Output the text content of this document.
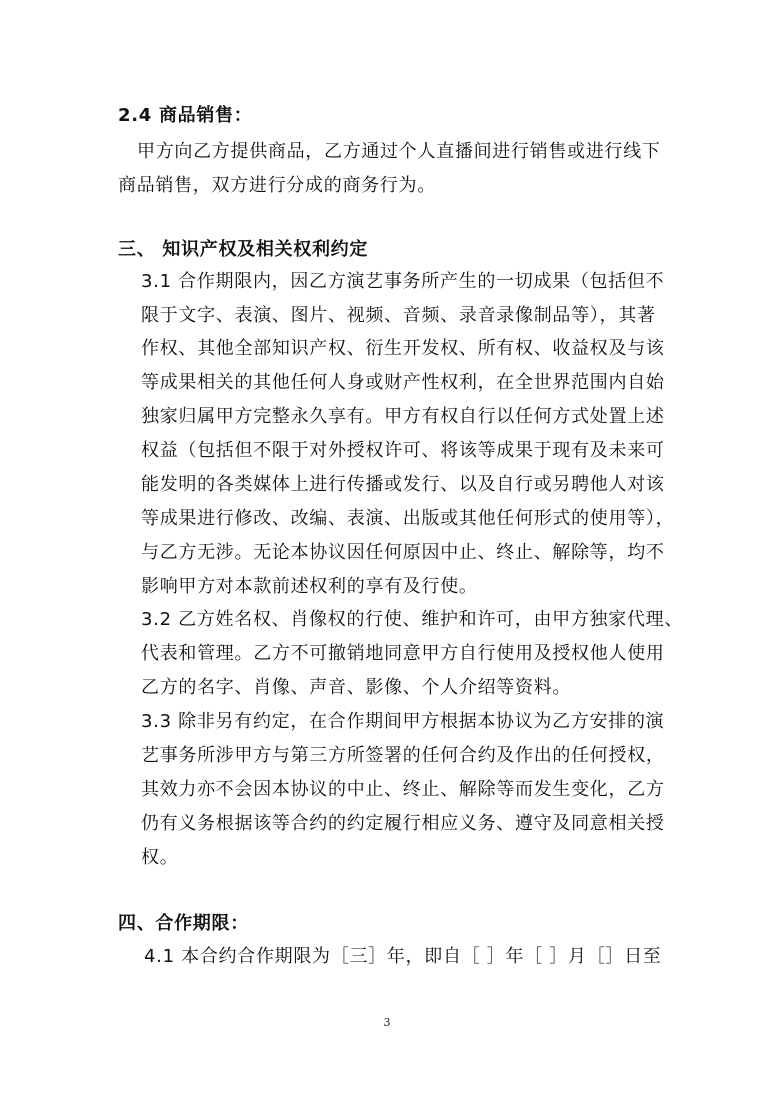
2.4 商品销售：
甲方向乙方提供商品，乙方通过个人直播间进行销售或进行线下
商品销售，双方进行分成的商务行为。
三、 知识产权及相关权利约定
3.1 合作期限内，因乙方演艺事务所产生的一切成果（包括但不
限于文字、表演、图片、视频、音频、录音录像制品等），其著
作权、其他全部知识产权、衍生开发权、所有权、收益权及与该
等成果相关的其他任何人身或财产性权利，在全世界范围内自始
独家归属甲方完整永久享有。甲方有权自行以任何方式处置上述
权益（包括但不限于对外授权许可、将该等成果于现有及未来可
能发明的各类媒体上进行传播或发行、以及自行或另聘他人对该
等成果进行修改、改编、表演、出版或其他任何形式的使用等），
与乙方无涉。无论本协议因任何原因中止、终止、解除等，均不
影响甲方对本款前述权利的享有及行使。
3.2 乙方姓名权、肖像权的行使、维护和许可，由甲方独家代理、
代表和管理。乙方不可撤销地同意甲方自行使用及授权他人使用
乙方的名字、肖像、声音、影像、个人介绍等资料。
3.3 除非另有约定，在合作期间甲方根据本协议为乙方安排的演
艺事务所涉甲方与第三方所签署的任何合约及作出的任何授权，
其效力亦不会因本协议的中止、终止、解除等而发生变化，乙方
仍有义务根据该等合约的约定履行相应义务、遵守及同意相关授
权。
四、合作期限：
4.1 本合约合作期限为［三］年，即自［ ］年［ ］月［］日至
3
